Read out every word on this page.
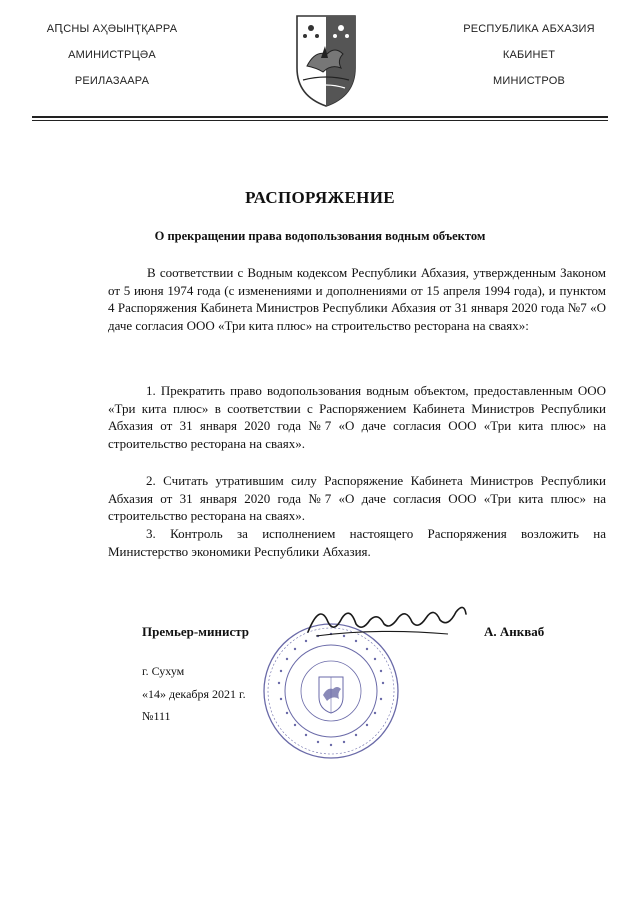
АԤСНЫ АҲӘЫНҬҚАРРА
АМИНИСТРЦӘА
РЕИЛАЗААРА
РЕСПУБЛИКА АБХАЗИЯ
КАБИНЕТ
МИНИСТРОВ
РАСПОРЯЖЕНИЕ
О прекращении права водопользования водным объектом
В соответствии с Водным кодексом Республики Абхазия, утвержденным Законом от 5 июня 1974 года (с изменениями и дополнениями от 15 апреля 1994 года), и пунктом 4 Распоряжения Кабинета Министров Республики Абхазия от 31 января 2020 года №7 «О даче согласия ООО «Три кита плюс» на строительство ресторана на сваях»:
1. Прекратить право водопользования водным объектом, предоставленным ООО «Три кита плюс» в соответствии с Распоряжением Кабинета Министров Республики Абхазия от 31 января 2020 года №7 «О даче согласия ООО «Три кита плюс» на строительство ресторана на сваях».
2. Считать утратившим силу Распоряжение Кабинета Министров Республики Абхазия от 31 января 2020 года №7 «О даче согласия ООО «Три кита плюс» на строительство ресторана на сваях».
3. Контроль за исполнением настоящего Распоряжения возложить на Министерство экономики Республики Абхазия.
Премьер-министр	А. Анкваб
г. Сухум
«14» декабря 2021 г.
№111
